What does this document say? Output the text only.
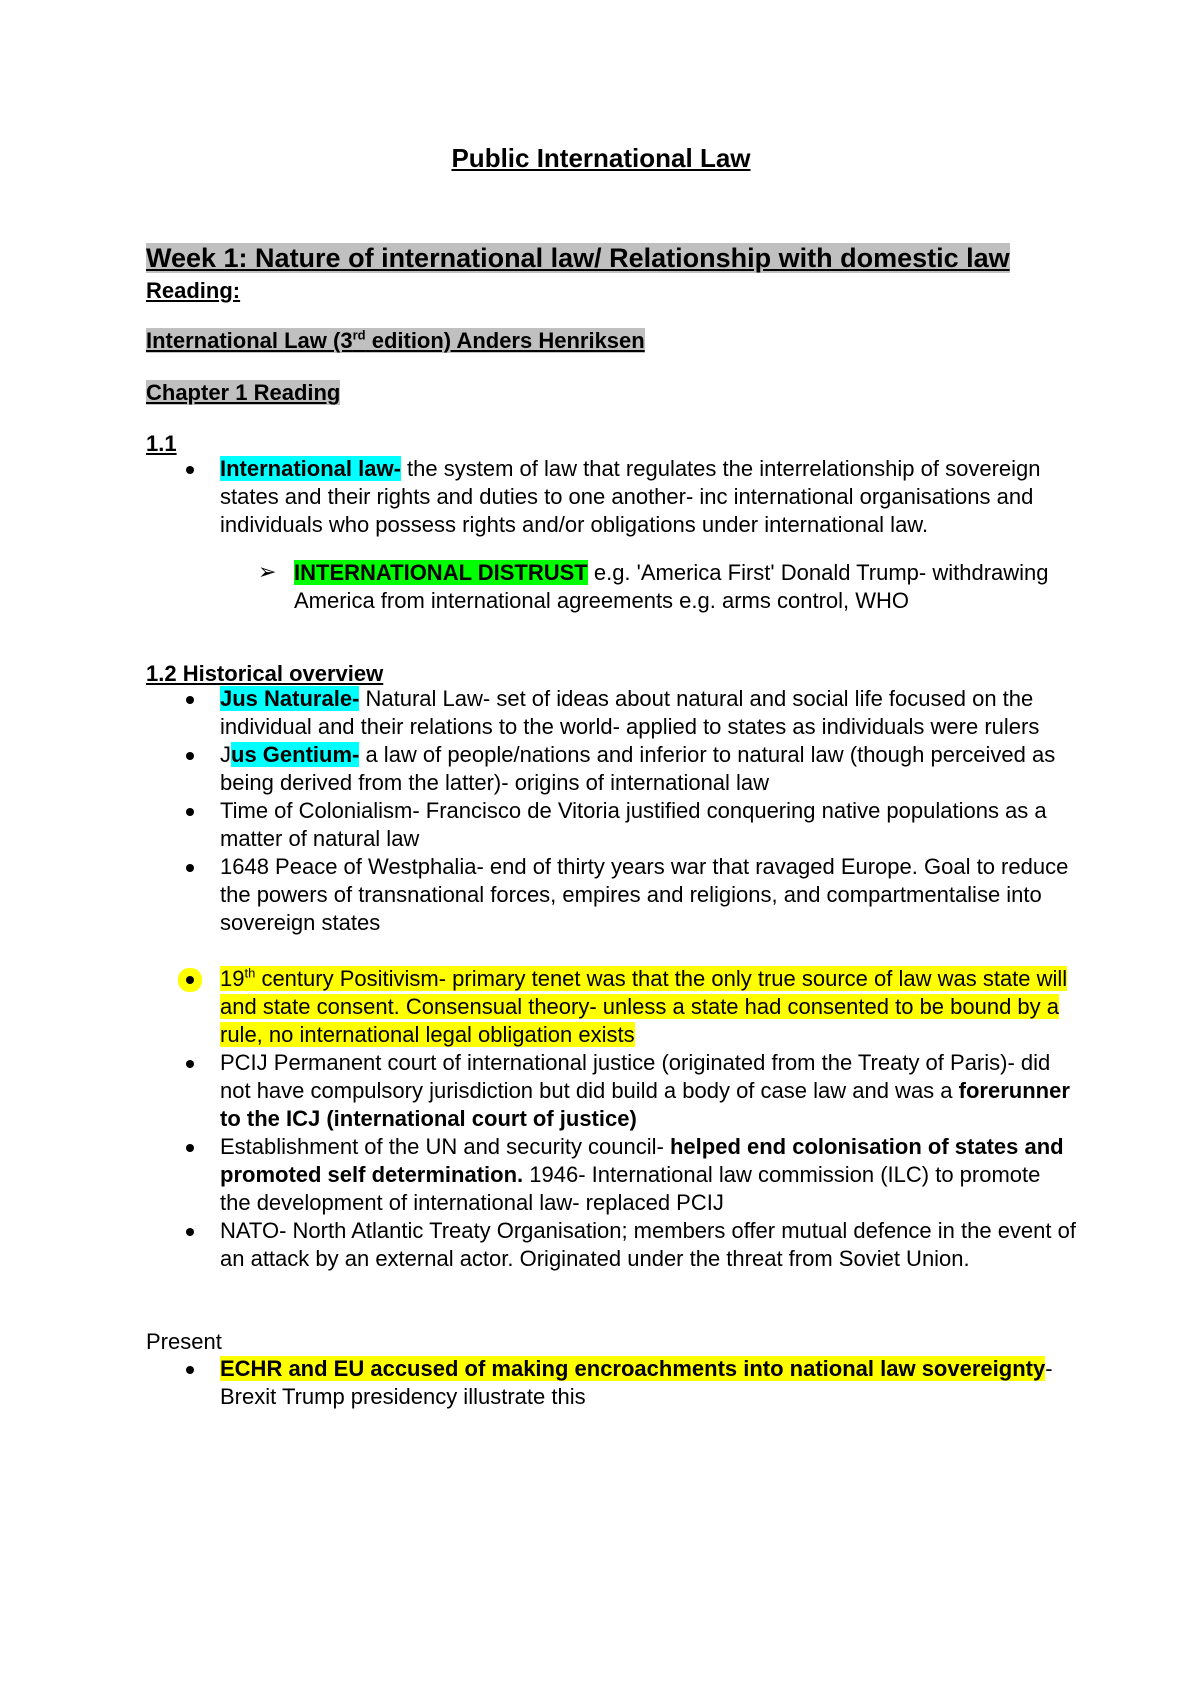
Public International Law
Week 1: Nature of international law/ Relationship with domestic law
Reading:
International Law (3rd edition) Anders Henriksen
Chapter 1 Reading
1.1
International law- the system of law that regulates the interrelationship of sovereign states and their rights and duties to one another- inc international organisations and individuals who possess rights and/or obligations under international law.
➢ INTERNATIONAL DISTRUST e.g. 'America First' Donald Trump- withdrawing America from international agreements e.g. arms control, WHO
1.2 Historical overview
Jus Naturale- Natural Law- set of ideas about natural and social life focused on the individual and their relations to the world- applied to states as individuals were rulers
Jus Gentium- a law of people/nations and inferior to natural law (though perceived as being derived from the latter)- origins of international law
Time of Colonialism- Francisco de Vitoria justified conquering native populations as a matter of natural law
1648 Peace of Westphalia- end of thirty years war that ravaged Europe. Goal to reduce the powers of transnational forces, empires and religions, and compartmentalise into sovereign states
19th century Positivism- primary tenet was that the only true source of law was state will and state consent. Consensual theory- unless a state had consented to be bound by a rule, no international legal obligation exists
PCIJ Permanent court of international justice (originated from the Treaty of Paris)- did not have compulsory jurisdiction but did build a body of case law and was a forerunner to the ICJ (international court of justice)
Establishment of the UN and security council- helped end colonisation of states and promoted self determination. 1946- International law commission (ILC) to promote the development of international law- replaced PCIJ
NATO- North Atlantic Treaty Organisation; members offer mutual defence in the event of an attack by an external actor. Originated under the threat from Soviet Union.
Present
ECHR and EU accused of making encroachments into national law sovereignty- Brexit Trump presidency illustrate this
